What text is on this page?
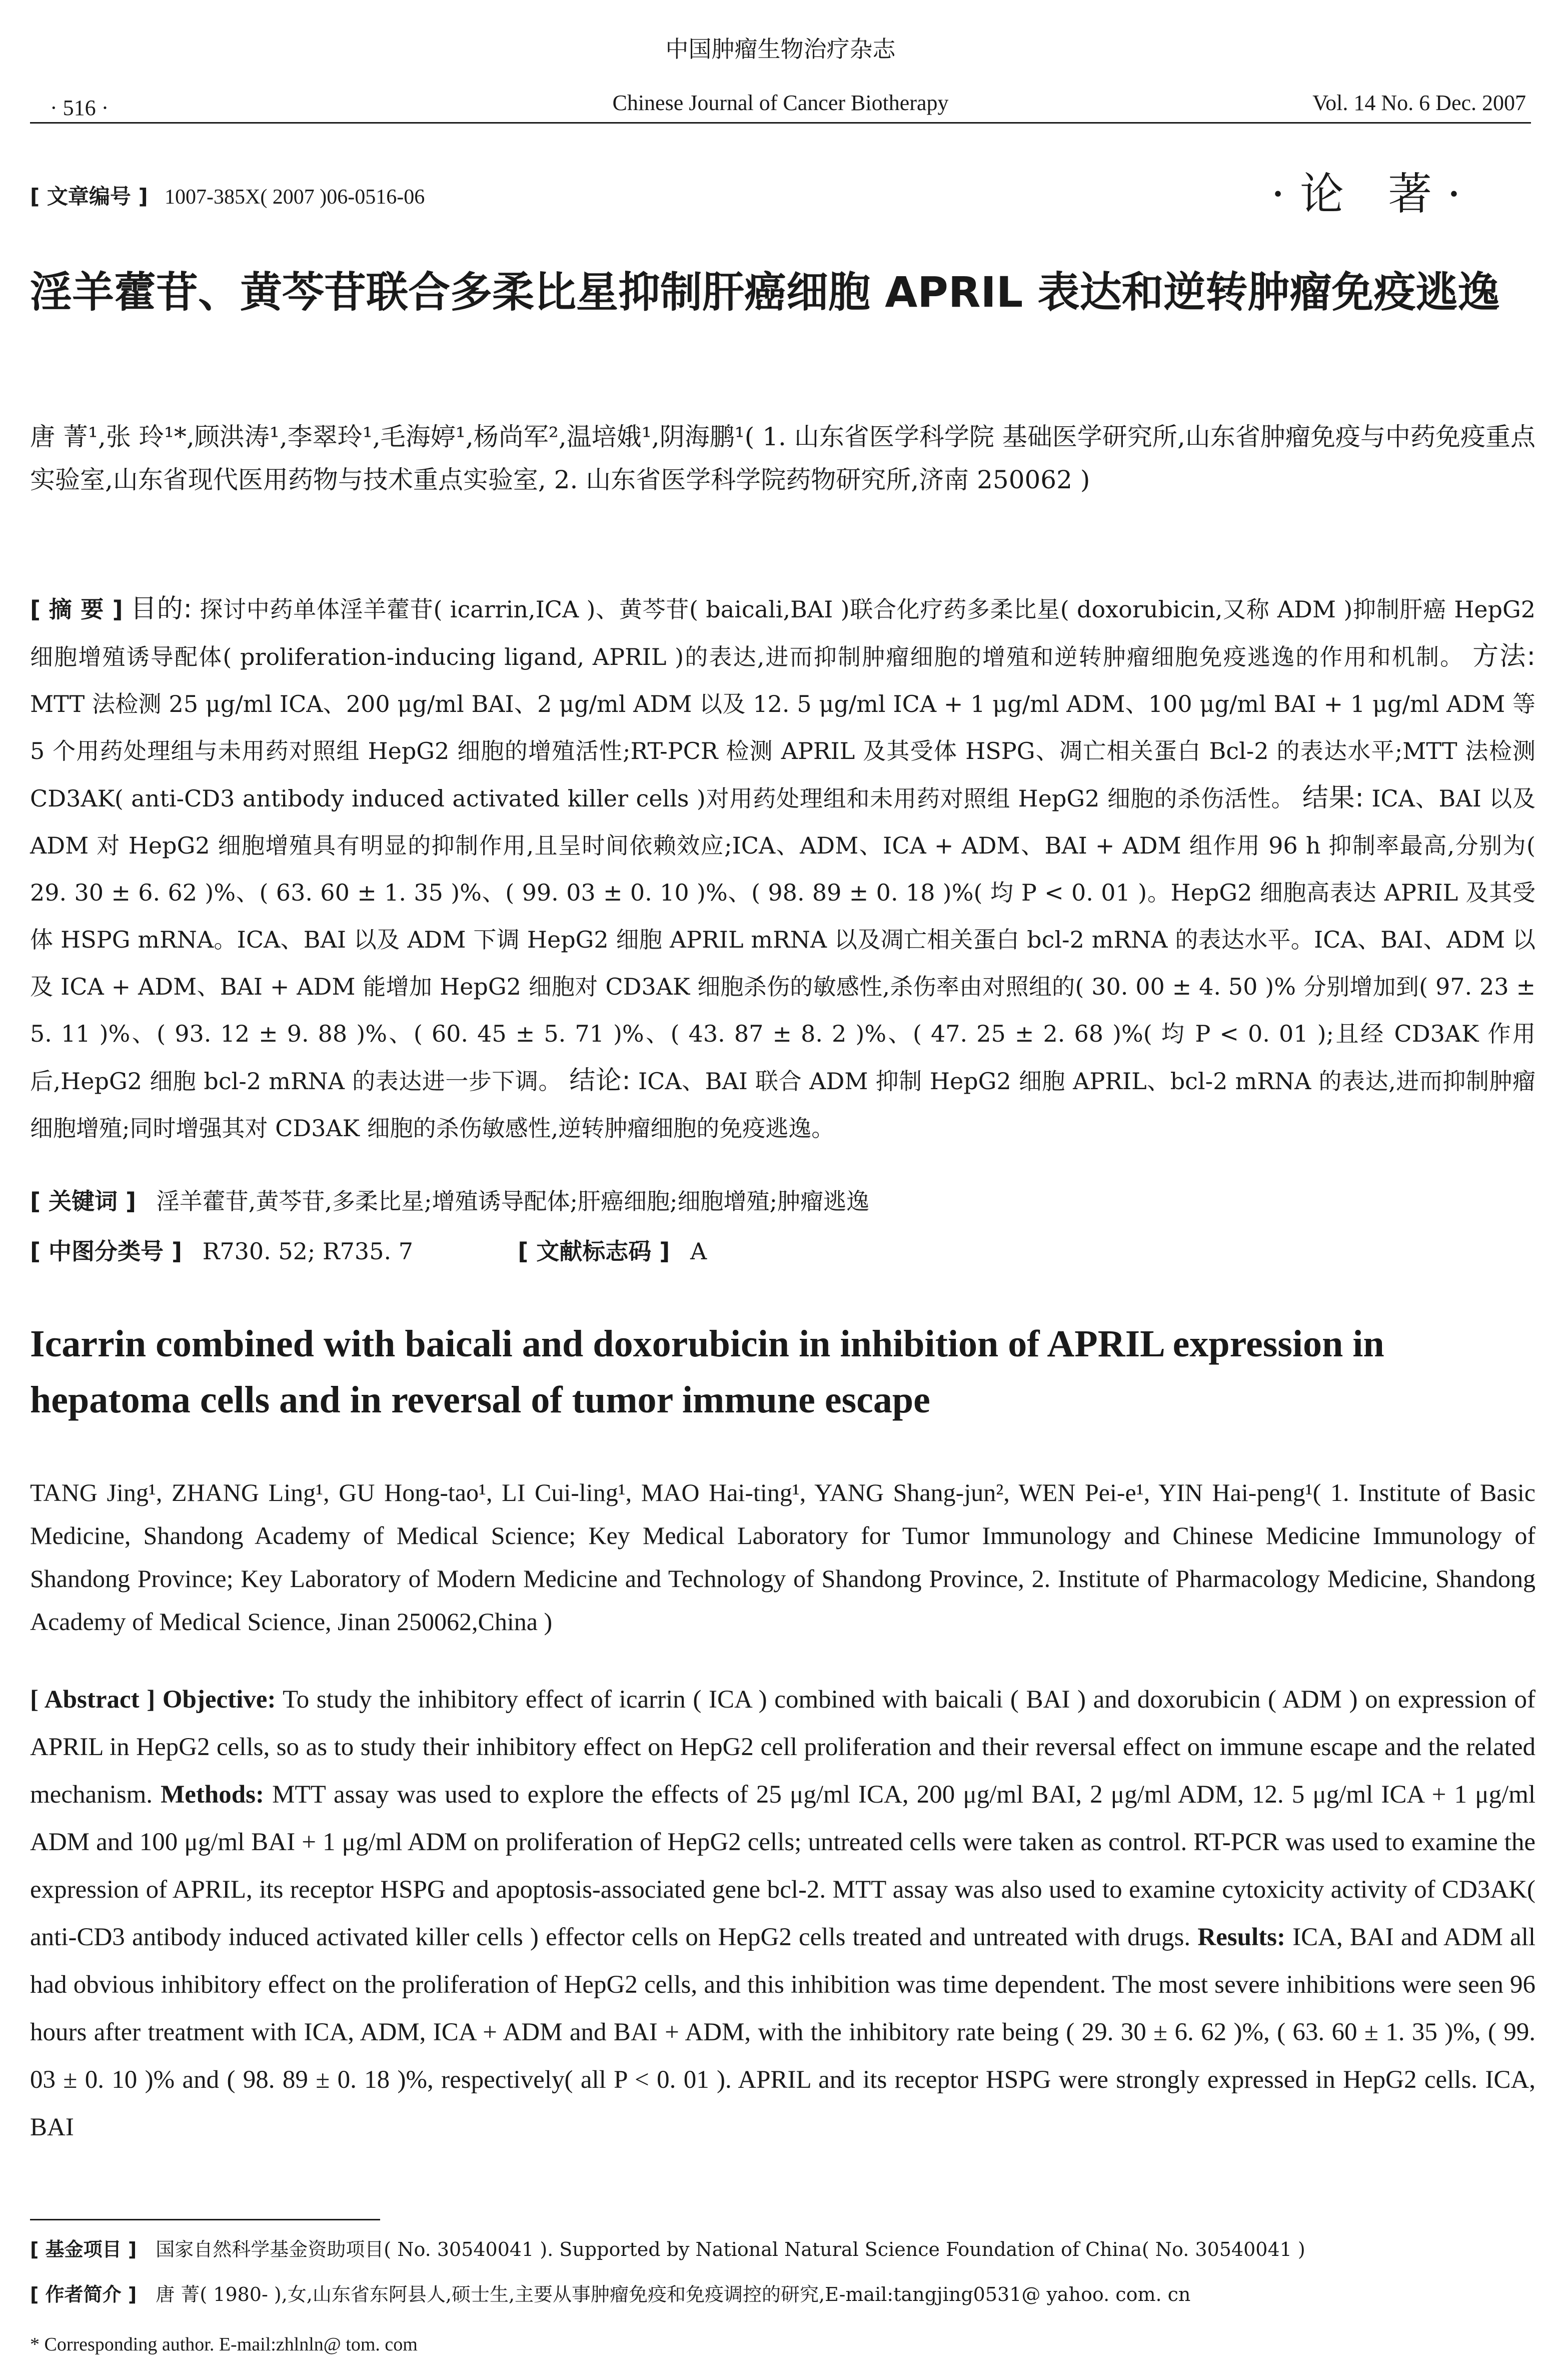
中国肿瘤生物治疗杂志
· 516 ·	Chinese Journal of Cancer Biotherapy	Vol. 14 No. 6 Dec. 2007
[ 文章编号 ] 1007-385X( 2007 )06-0516-06	·论 著·
淫羊藿苷、黄芩苷联合多柔比星抑制肝癌细胞 APRIL 表达和逆转肿瘤免疫逃逸
唐 菁¹,张 玲¹*,顾洪涛¹,李翠玲¹,毛海婷¹,杨尚军²,温培娥¹,阴海鹏¹( 1. 山东省医学科学院 基础医学研究所,山东省肿瘤免疫与中药免疫重点实验室,山东省现代医用药物与技术重点实验室, 2. 山东省医学科学院药物研究所,济南 250062 )
[ 摘 要 ] 目的: 探讨中药单体淫羊藿苷( icarrin,ICA )、黄芩苷( baicali,BAI )联合化疗药多柔比星( doxorubicin,又称 ADM )抑制肝癌 HepG2 细胞增殖诱导配体( proliferation-inducing ligand, APRIL )的表达,进而抑制肿瘤细胞的增殖和逆转肿瘤细胞免疫逃逸的作用和机制。 方法: MTT 法检测 25 μg/ml ICA、200 μg/ml BAI、2 μg/ml ADM 以及 12. 5 μg/ml ICA + 1 μg/ml ADM、100 μg/ml BAI + 1 μg/ml ADM 等 5 个用药处理组与未用药对照组 HepG2 细胞的增殖活性;RT-PCR 检测 APRIL 及其受体 HSPG、凋亡相关蛋白 Bcl-2 的表达水平;MTT 法检测 CD3AK( anti-CD3 antibody induced activated killer cells )对用药处理组和未用药对照组 HepG2 细胞的杀伤活性。 结果: ICA、BAI 以及 ADM 对 HepG2 细胞增殖具有明显的抑制作用,且呈时间依赖效应;ICA、ADM、ICA + ADM、BAI + ADM 组作用 96 h 抑制率最高,分别为( 29. 30 ± 6. 62 )%、( 63. 60 ± 1. 35 )%、( 99. 03 ± 0. 10 )%、( 98. 89 ± 0. 18 )%( 均 P < 0. 01 )。HepG2 细胞高表达 APRIL 及其受体 HSPG mRNA。ICA、BAI 以及 ADM 下调 HepG2 细胞 APRIL mRNA 以及凋亡相关蛋白 bcl-2 mRNA 的表达水平。ICA、BAI、ADM 以及 ICA + ADM、BAI + ADM 能增加 HepG2 细胞对 CD3AK 细胞杀伤的敏感性,杀伤率由对照组的( 30. 00 ± 4. 50 )% 分别增加到( 97. 23 ± 5. 11 )%、( 93. 12 ± 9. 88 )%、( 60. 45 ± 5. 71 )%、( 43. 87 ± 8. 2 )%、( 47. 25 ± 2. 68 )%( 均 P < 0. 01 );且经 CD3AK 作用后,HepG2 细胞 bcl-2 mRNA 的表达进一步下调。 结论: ICA、BAI 联合 ADM 抑制 HepG2 细胞 APRIL、bcl-2 mRNA 的表达,进而抑制肿瘤细胞增殖;同时增强其对 CD3AK 细胞的杀伤敏感性,逆转肿瘤细胞的免疫逃逸。
[ 关键词 ] 淫羊藿苷,黄芩苷,多柔比星;增殖诱导配体;肝癌细胞;细胞增殖;肿瘤逃逸
[ 中图分类号 ] R730. 52; R735. 7	[ 文献标志码 ] A
Icarrin combined with baicali and doxorubicin in inhibition of APRIL expression in hepatoma cells and in reversal of tumor immune escape
TANG Jing¹, ZHANG Ling¹, GU Hong-tao¹, LI Cui-ling¹, MAO Hai-ting¹, YANG Shang-jun², WEN Pei-e¹, YIN Hai-peng¹( 1. Institute of Basic Medicine, Shandong Academy of Medical Science; Key Medical Laboratory for Tumor Immunology and Chinese Medicine Immunology of Shandong Province; Key Laboratory of Modern Medicine and Technology of Shandong Province, 2. Institute of Pharmacology Medicine, Shandong Academy of Medical Science, Jinan 250062,China )
[ Abstract ] Objective: To study the inhibitory effect of icarrin ( ICA ) combined with baicali ( BAI ) and doxorubicin ( ADM ) on expression of APRIL in HepG2 cells, so as to study their inhibitory effect on HepG2 cell proliferation and their reversal effect on immune escape and the related mechanism. Methods: MTT assay was used to explore the effects of 25 μg/ml ICA, 200 μg/ml BAI, 2 μg/ml ADM, 12. 5 μg/ml ICA + 1 μg/ml ADM and 100 μg/ml BAI + 1 μg/ml ADM on proliferation of HepG2 cells; untreated cells were taken as control. RT-PCR was used to examine the expression of APRIL, its receptor HSPG and apoptosis-associated gene bcl-2. MTT assay was also used to examine cytoxicity activity of CD3AK( anti-CD3 antibody induced activated killer cells ) effector cells on HepG2 cells treated and untreated with drugs. Results: ICA, BAI and ADM all had obvious inhibitory effect on the proliferation of HepG2 cells, and this inhibition was time dependent. The most severe inhibitions were seen 96 hours after treatment with ICA, ADM, ICA + ADM and BAI + ADM, with the inhibitory rate being ( 29. 30 ± 6. 62 )%, ( 63. 60 ± 1. 35 )%, ( 99. 03 ± 0. 10 )% and ( 98. 89 ± 0. 18 )%, respectively( all P < 0. 01 ). APRIL and its receptor HSPG were strongly expressed in HepG2 cells. ICA, BAI
[ 基金项目 ] 国家自然科学基金资助项目( No. 30540041 ). Supported by National Natural Science Foundation of China( No. 30540041 )
[ 作者简介 ] 唐 菁( 1980- ),女,山东省东阿县人,硕士生,主要从事肿瘤免疫和免疫调控的研究,E-mail:tangjing0531@ yahoo. com. cn
* Corresponding author. E-mail:zhlnln@ tom. com
